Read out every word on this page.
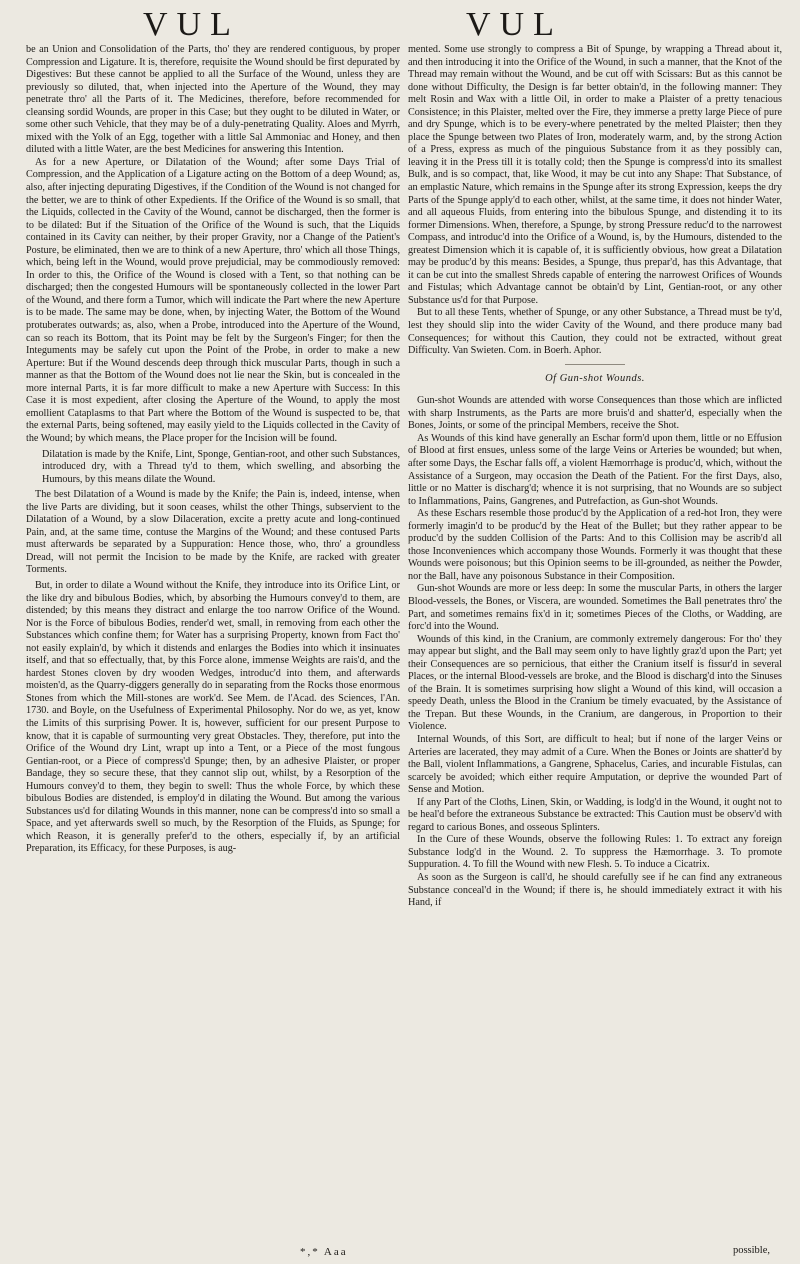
VUL	VUL

be an Union and Consolidation of the Parts, tho' they are rendered contiguous, by proper Compression and Ligature. It is, therefore, requisite the Wound should be first depurated by Digestives: But these cannot be applied to all the Surface of the Wound, unless they are previously so diluted, that, when injected into the Aperture of the Wound, they may penetrate thro' all the Parts of it. The Medicines, therefore, before recommended for cleansing sordid Wounds, are proper in this Case; but they ought to be diluted in Water, or some other such Vehicle, that they may be of a duly-penetrating Quality. Aloes and Myrrh, mixed with the Yolk of an Egg, together with a little Sal Ammoniac and Honey, and then diluted with a little Water, are the best Medicines for answering this Intention.

As for a new Aperture, or Dilatation of the Wound; after some Days Trial of Compression, and the Application of a Ligature acting on the Bottom of a deep Wound; as, also, after injecting depurating Digestives, if the Condition of the Wound is not changed for the better, we are to think of other Expedients. If the Orifice of the Wound is so small, that the Liquids, collected in the Cavity of the Wound, cannot be discharged, then the former is to be dilated: But if the Situation of the Orifice of the Wound is such, that the Liquids contained in its Cavity can neither, by their proper Gravity, nor a Change of the Patient's Posture, be eliminated, then we are to think of a new Aperture, thro' which all those Things, which, being left in the Wound, would prove prejudicial, may be commodiously removed: In order to this, the Orifice of the Wound is closed with a Tent, so that nothing can be discharged; then the congested Humours will be spontaneously collected in the lower Part of the Wound, and there form a Tumor, which will indicate the Part where the new Aperture is to be made. The same may be done, when, by injecting Water, the Bottom of the Wound protuberates outwards; as, also, when a Probe, introduced into the Aperture of the Wound, can so reach its Bottom, that its Point may be felt by the Surgeon's Finger; for then the Integuments may be safely cut upon the Point of the Probe, in order to make a new Aperture: But if the Wound descends deep through thick muscular Parts, though in such a manner as that the Bottom of the Wound does not lie near the Skin, but is concealed in the more internal Parts, it is far more difficult to make a new Aperture with Success: In this Case it is most expedient, after closing the Aperture of the Wound, to apply the most emollient Cataplasms to that Part where the Bottom of the Wound is suspected to be, that the external Parts, being softened, may easily yield to the Liquids collected in the Cavity of the Wound; by which means, the Place proper for the Incision will be found.

Dilatation is made by the Knife, Lint, Sponge, Gentian-root, and other such Substances, introduced dry, with a Thread ty'd to them, which swelling, and absorbing the Humours, by this means dilate the Wound.

The best Dilatation of a Wound is made by the Knife; the Pain is, indeed, intense, when the live Parts are dividing, but it soon ceases, whilst the other Things, subservient to the Dilatation of a Wound, by a slow Dilaceration, excite a pretty acute and long-continued Pain, and, at the same time, contuse the Margins of the Wound; and these contused Parts must afterwards be separated by a Suppuration: Hence those, who, thro' a groundless Dread, will not permit the Incision to be made by the Knife, are racked with greater Torments.

But, in order to dilate a Wound without the Knife, they introduce into its Orifice Lint, or the like dry and bibulous Bodies, which, by absorbing the Humours convey'd to them, are distended; by this means they distract and enlarge the too narrow Orifice of the Wound. Nor is the Force of bibulous Bodies, render'd wet, small, in removing from each other the Substances which confine them; for Water has a surprising Property, known from Fact tho' not easily explain'd, by which it distends and enlarges the Bodies into which it insinuates itself, and that so effectually, that, by this Force alone, immense Weights are rais'd, and the hardest Stones cloven by dry wooden Wedges, introduc'd into them, and afterwards moisten'd, as the Quarry-diggers generally do in separating from the Rocks those enormous Stones from which the Mill-stones are work'd. See Mem. de l'Acad. des Sciences, l'An. 1730. and Boyle, on the Usefulness of Experimental Philosophy. Nor do we, as yet, know the Limits of this surprising Power. It is, however, sufficient for our present Purpose to know, that it is capable of surmounting very great Obstacles. They, therefore, put into the Orifice of the Wound dry Lint, wrapt up into a Tent, or a Piece of the most fungous Gentian-root, or a Piece of compress'd Spunge; then, by an adhesive Plaister, or proper Bandage, they so secure these, that they cannot slip out, whilst, by a Resorption of the Humours convey'd to them, they begin to swell: Thus the whole Force, by which these bibulous Bodies are distended, is employ'd in dilating the Wound. But among the various Substances us'd for dilating Wounds in this manner, none can be compress'd into so small a Space, and yet afterwards swell so much, by the Resorption of the Fluids, as Spunge; for which Reason, it is generally prefer'd to the others, especially if, by an artificial Preparation, its Efficacy, for these Purposes, is aug-

mented. Some use strongly to compress a Bit of Spunge, by wrapping a Thread about it, and then introducing it into the Orifice of the Wound, in such a manner, that the Knot of the Thread may remain without the Wound, and be cut off with Scissars: But as this cannot be done without Difficulty, the Design is far better obtain'd, in the following manner: They melt Rosin and Wax with a little Oil, in order to make a Plaister of a pretty tenacious Consistence; in this Plaister, melted over the Fire, they immerse a pretty large Piece of pure and dry Spunge, which is to be every-where penetrated by the melted Plaister; then they place the Spunge between two Plates of Iron, moderately warm, and, by the strong Action of a Press, express as much of the pinguious Substance from it as they possibly can, leaving it in the Press till it is totally cold; then the Spunge is compress'd into its smallest Bulk, and is so compact, that, like Wood, it may be cut into any Shape: That Substance, of an emplastic Nature, which remains in the Spunge after its strong Expression, keeps the dry Parts of the Spunge apply'd to each other, whilst, at the same time, it does not hinder Water, and all aqueous Fluids, from entering into the bibulous Spunge, and distending it to its former Dimensions. When, therefore, a Spunge, by strong Pressure reduc'd to the narrowest Compass, and introduc'd into the Orifice of a Wound, is, by the Humours, distended to the greatest Dimension which it is capable of, it is sufficiently obvious, how great a Dilatation may be produc'd by this means: Besides, a Spunge, thus prepar'd, has this Advantage, that it can be cut into the smallest Shreds capable of entering the narrowest Orifices of Wounds and Fistulas; which Advantage cannot be obtain'd by Lint, Gentian-root, or any other Substance us'd for that Purpose.

But to all these Tents, whether of Spunge, or any other Substance, a Thread must be ty'd, lest they should slip into the wider Cavity of the Wound, and there produce many bad Consequences; for without this Caution, they could not be extracted, without great Difficulty. Van Swieten. Com. in Boerh. Aphor.

Of Gun-shot Wounds.

Gun-shot Wounds are attended with worse Consequences than those which are inflicted with sharp Instruments, as the Parts are more bruis'd and shatter'd, especially when the Bones, Joints, or some of the principal Members, receive the Shot.

As Wounds of this kind have generally an Eschar form'd upon them, little or no Effusion of Blood at first ensues, unless some of the large Veins or Arteries be wounded; but when, after some Days, the Eschar falls off, a violent Hæmorrhage is produc'd, which, without the Assistance of a Surgeon, may occasion the Death of the Patient. For the first Days, also, little or no Matter is discharg'd; whence it is not surprising, that no Wounds are so subject to Inflammations, Pains, Gangrenes, and Putrefaction, as Gun-shot Wounds.

As these Eschars resemble those produc'd by the Application of a red-hot Iron, they were formerly imagin'd to be produc'd by the Heat of the Bullet; but they rather appear to be produc'd by the sudden Collision of the Parts: And to this Collision may be ascrib'd all those Inconveniences which accompany those Wounds. Formerly it was thought that these Wounds were poisonous; but this Opinion seems to be ill-grounded, as neither the Powder, nor the Ball, have any poisonous Substance in their Composition.

Gun-shot Wounds are more or less deep: In some the muscular Parts, in others the larger Blood-vessels, the Bones, or Viscera, are wounded. Sometimes the Ball penetrates thro' the Part, and sometimes remains fix'd in it; sometimes Pieces of the Cloths, or Wadding, are forc'd into the Wound.

Wounds of this kind, in the Cranium, are commonly extremely dangerous: For tho' they may appear but slight, and the Ball may seem only to have lightly graz'd upon the Part; yet their Consequences are so pernicious, that either the Cranium itself is fissur'd in several Places, or the internal Blood-vessels are broke, and the Blood is discharg'd into the Sinuses of the Brain. It is sometimes surprising how slight a Wound of this kind, will occasion a speedy Death, unless the Blood in the Cranium be timely evacuated, by the Assistance of the Trepan. But these Wounds, in the Cranium, are dangerous, in Proportion to their Violence.

Internal Wounds, of this Sort, are difficult to heal; but if none of the larger Veins or Arteries are lacerated, they may admit of a Cure. When the Bones or Joints are shatter'd by the Ball, violent Inflammations, a Gangrene, Sphacelus, Caries, and incurable Fistulas, can scarcely be avoided; which either require Amputation, or deprive the wounded Part of Sense and Motion.

If any Part of the Cloths, Linen, Skin, or Wadding, is lodg'd in the Wound, it ought not to be heal'd before the extraneous Substance be extracted: This Caution must be observ'd with regard to carious Bones, and osseous Splinters.

In the Cure of these Wounds, observe the following Rules: 1. To extract any foreign Substance lodg'd in the Wound. 2. To suppress the Hæmorrhage. 3. To promote Suppuration. 4. To fill the Wound with new Flesh. 5. To induce a Cicatrix.

As soon as the Surgeon is call'd, he should carefully see if he can find any extraneous Substance conceal'd in the Wound; if there is, he should immediately extract it with his Hand, if

*,* Aaa	possible,
